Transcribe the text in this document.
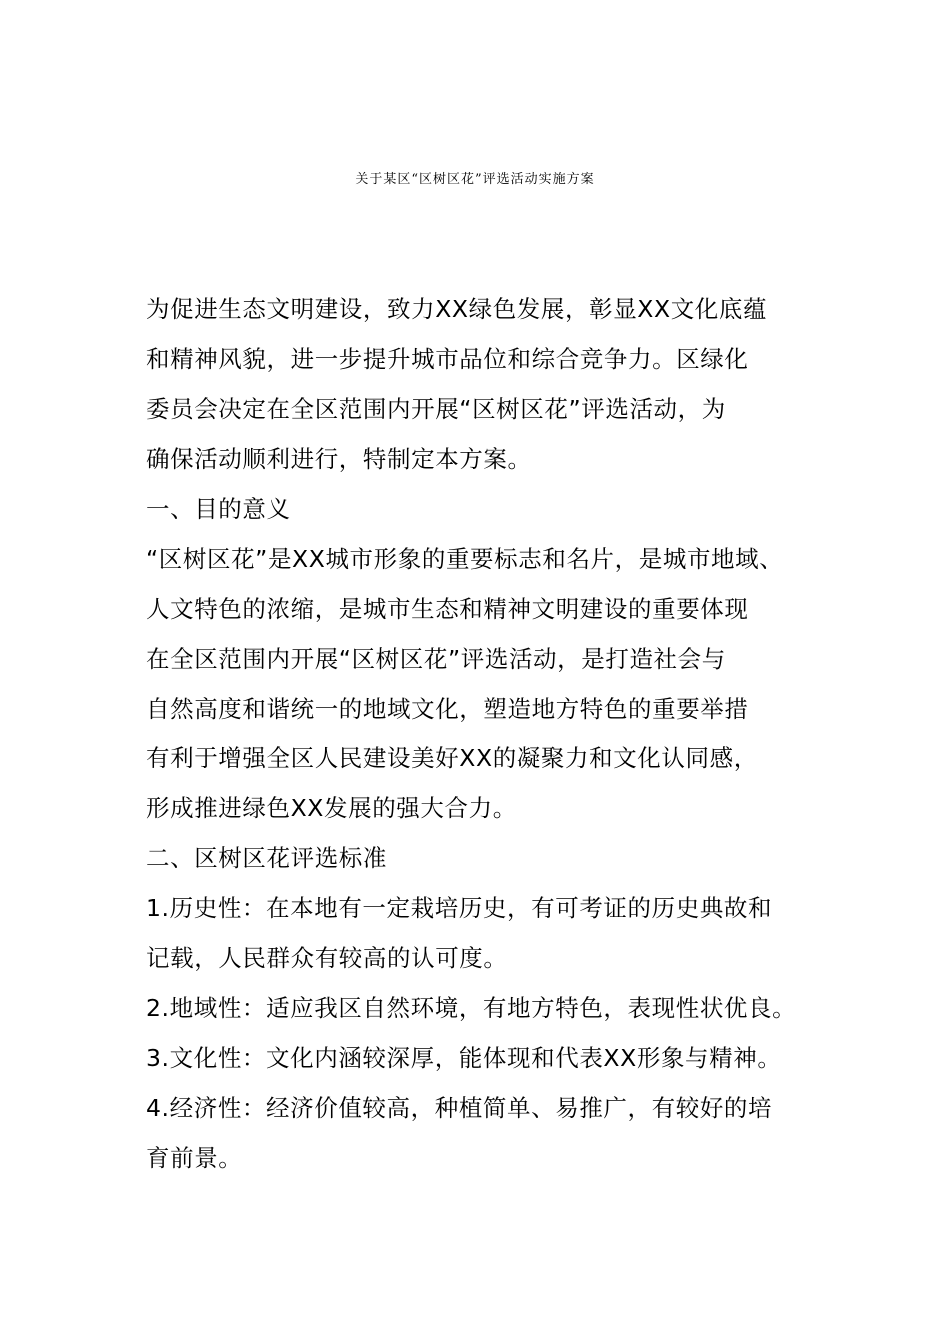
关于某区“区树区花”评选活动实施方案
为促进生态文明建设，致力XX绿色发展，彰显XX文化底蕴
和精神风貌，进一步提升城市品位和综合竞争力。区绿化
委员会决定在全区范围内开展“区树区花”评选活动，为
确保活动顺利进行，特制定本方案。
一、目的意义
“区树区花”是XX城市形象的重要标志和名片，是城市地域、
人文特色的浓缩，是城市生态和精神文明建设的重要体现
在全区范围内开展“区树区花”评选活动，是打造社会与
自然高度和谐统一的地域文化，塑造地方特色的重要举措
有利于增强全区人民建设美好XX的凝聚力和文化认同感，
形成推进绿色XX发展的强大合力。
二、区树区花评选标准
1.历史性：在本地有一定栽培历史，有可考证的历史典故和
记载，人民群众有较高的认可度。
2.地域性：适应我区自然环境，有地方特色，表现性状优良。
3.文化性：文化内涵较深厚，能体现和代表XX形象与精神。
4.经济性：经济价值较高，种植简单、易推广，有较好的培
育前景。
